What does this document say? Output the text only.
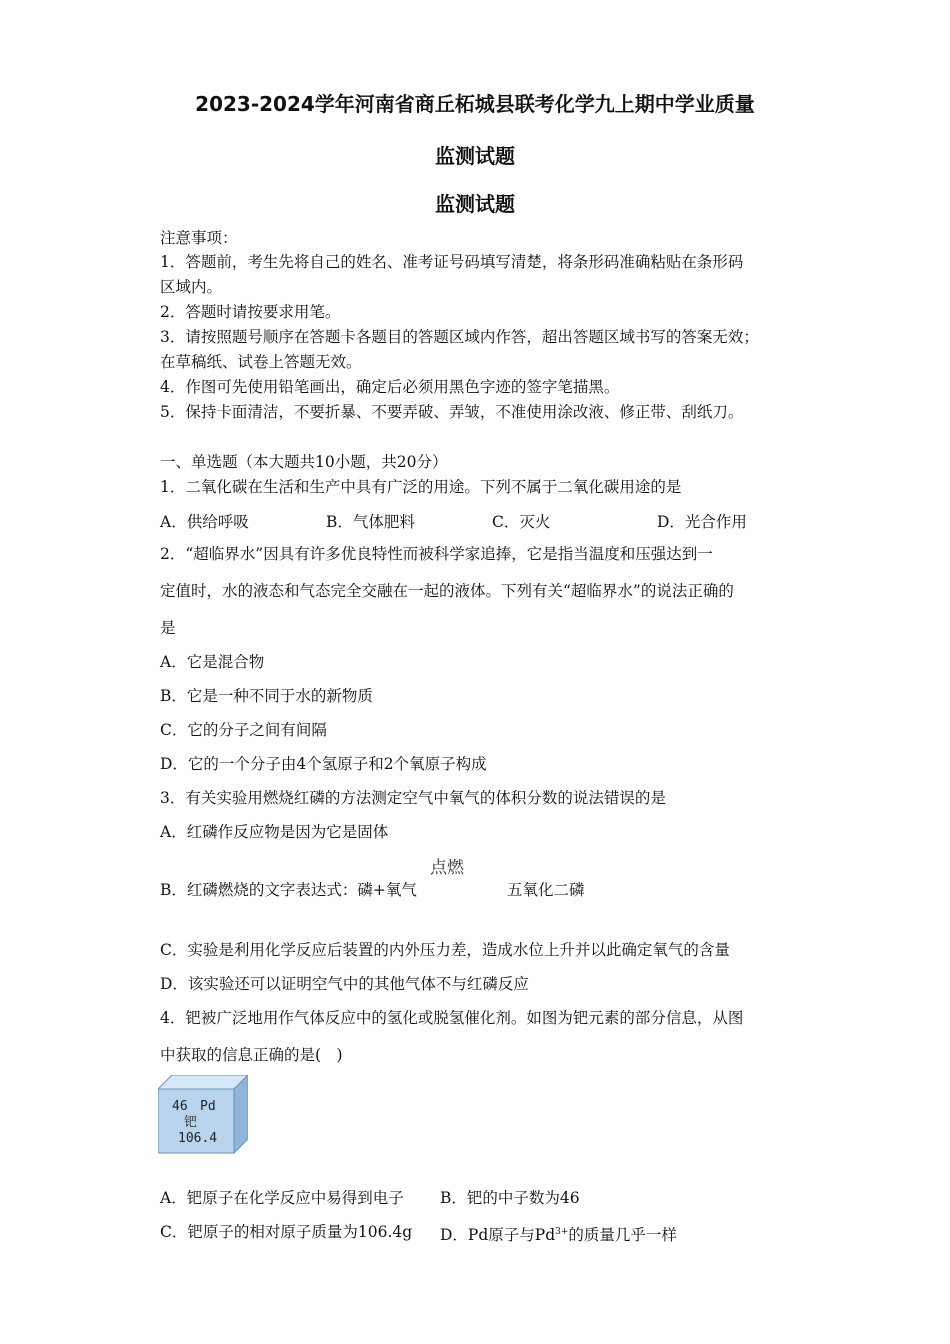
2023-2024学年河南省商丘柘城县联考化学九上期中学业质量
监测试题
监测试题
注意事项：
1．答题前，考生先将自己的姓名、准考证号码填写清楚，将条形码准确粘贴在条形码
区域内。
2．答题时请按要求用笔。
3．请按照题号顺序在答题卡各题目的答题区域内作答，超出答题区域书写的答案无效；
在草稿纸、试卷上答题无效。
4．作图可先使用铅笔画出，确定后必须用黑色字迹的签字笔描黑。
5．保持卡面清洁，不要折暴、不要弄破、弄皱，不准使用涂改液、修正带、刮纸刀。
一、单选题（本大题共10小题，共20分）
1．二氧化碳在生活和生产中具有广泛的用途。下列不属于二氧化碳用途的是
A．供给呼吸	B．气体肥料	C．灭火	D．光合作用
2．“超临界水”因具有许多优良特性而被科学家追捧，它是指当温度和压强达到一
定值时，水的液态和气态完全交融在一起的液体。下列有关“超临界水”的说法正确的
是
A．它是混合物
B．它是一种不同于水的新物质
C．它的分子之间有间隔
D．它的一个分子由4个氢原子和2个氧原子构成
3．有关实验用燃烧红磷的方法测定空气中氧气的体积分数的说法错误的是
A．红磷作反应物是因为它是固体
点燃
B．红磷燃烧的文字表达式：磷+氧气	五氧化二磷
C．实验是利用化学反应后装置的内外压力差，造成水位上升并以此确定氧气的含量
D．该实验还可以证明空气中的其他气体不与红磷反应
4．钯被广泛地用作气体反应中的氢化或脱氢催化剂。如图为钯元素的部分信息，从图
中获取的信息正确的是(　)
46 Pd
钯
106.4
A．钯原子在化学反应中易得到电子 B．钯的中子数为46
C．钯原子的相对原子质量为106.4g D．Pd原子与$Pd^{3+}$的质量几乎一样
